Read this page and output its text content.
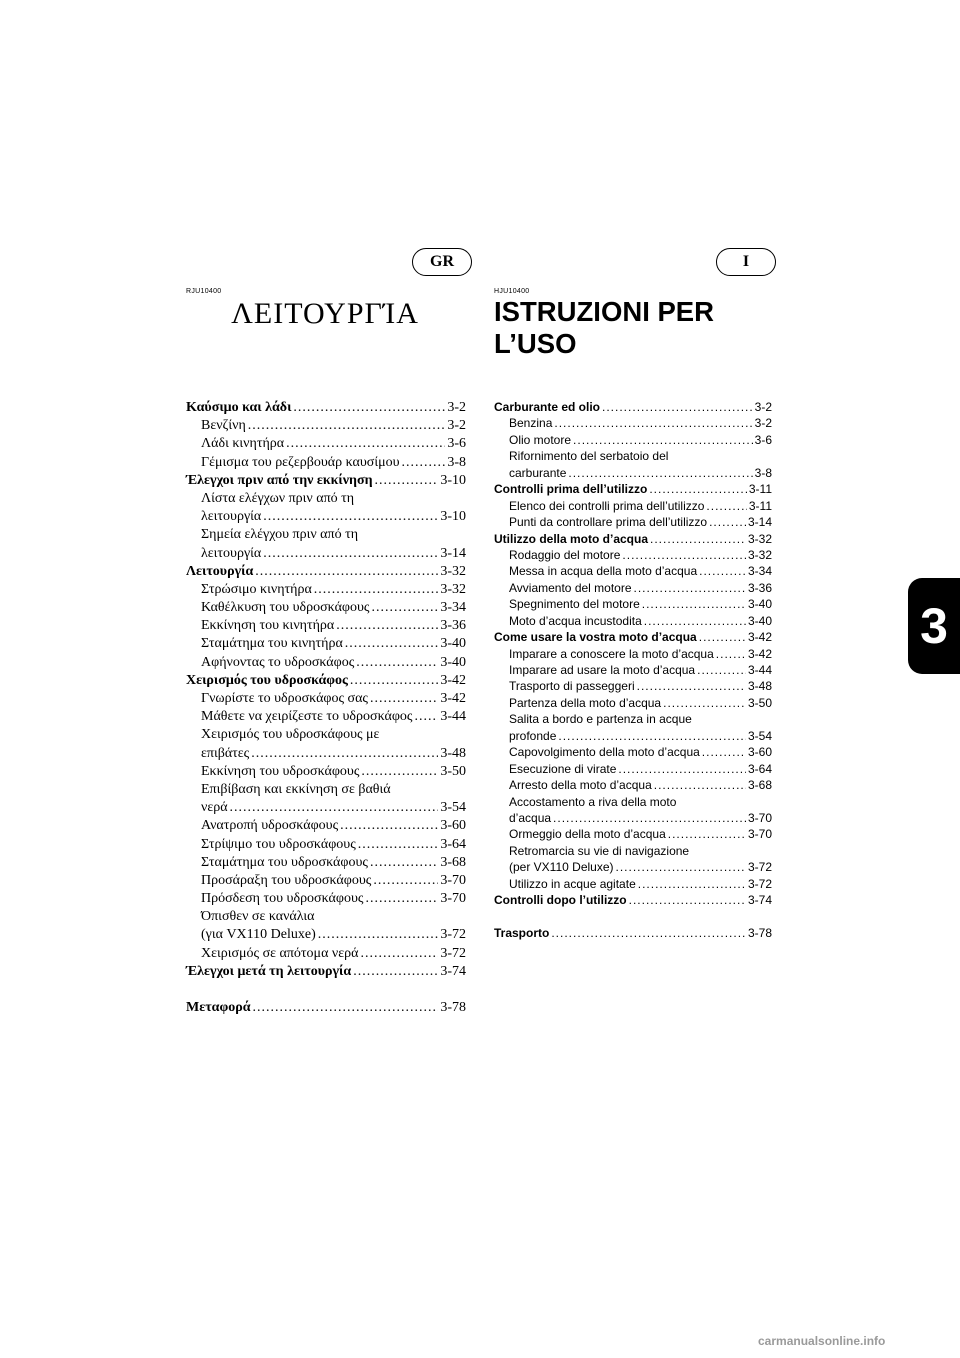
GR	I
RJU10400	HJU10400
ΛΕΙΤΟΥΡΓΊΑ	ISTRUZIONI PER L’USO
Καύσιμο και λάδι .....	3-2
Βενζίνη .....	3-2
Λάδι κινητήρα .....	3-6
Γέμισμα του ρεζερβουάρ καυσίμου .....	3-8
Έλεγχοι πριν από την εκκίνηση .....	3-10
Λίστα ελέγχων πριν από τη
λειτουργία .....	3-10
Σημεία ελέγχου πριν από τη
λειτουργία .....	3-14
Λειτουργία .....	3-32
Στρώσιμο κινητήρα .....	3-32
Καθέλκυση του υδροσκάφους .....	3-34
Εκκίνηση του κινητήρα .....	3-36
Σταμάτημα του κινητήρα .....	3-40
Αφήνοντας το υδροσκάφος .....	3-40
Χειρισμός του υδροσκάφος .....	3-42
Γνωρίστε το υδροσκάφος σας .....	3-42
Μάθετε να χειρίζεστε το υδροσκάφος ..... 3-44
Χειρισμός του υδροσκάφους με
επιβάτες .....	3-48
Εκκίνηση του υδροσκάφους .....	3-50
Επιβίβαση και εκκίνηση σε βαθιά
νερά .....	3-54
Ανατροπή υδροσκάφους .....	3-60
Στρίψιμο του υδροσκάφους .....	3-64
Σταμάτημα του υδροσκάφους .....	3-68
Προσάραξη του υδροσκάφους .....	3-70
Πρόσδεση του υδροσκάφους .....	3-70
Όπισθεν σε κανάλια
(για VX110 Deluxe) .....	3-72
Χειρισμός σε απότομα νερά .....	3-72
Έλεγχοι μετά τη λειτουργία .....	3-74
Μεταφορά .....	3-78
Carburante ed olio .....	3-2
Benzina .....	3-2
Olio motore .....	3-6
Rifornimento del serbatoio del
carburante .....	3-8
Controlli prima dell’utilizzo .....	3-11
Elenco dei controlli prima dell’utilizzo .....	3-11
Punti da controllare prima dell’utilizzo .....	3-14
Utilizzo della moto d’acqua .....	3-32
Rodaggio del motore .....	3-32
Messa in acqua della moto d’acqua .....	3-34
Avviamento del motore .....	3-36
Spegnimento del motore .....	3-40
Moto d’acqua incustodita .....	3-40
Come usare la vostra moto d’acqua .....	3-42
Imparare a conoscere la moto d’acqua .....	3-42
Imparare ad usare la moto d’acqua .....	3-44
Trasporto di passeggeri .....	3-48
Partenza della moto d’acqua .....	3-50
Salita a bordo e partenza in acque
profonde .....	3-54
Capovolgimento della moto d’acqua .....	3-60
Esecuzione di virate .....	3-64
Arresto della moto d’acqua .....	3-68
Accostamento a riva della moto
d’acqua .....	3-70
Ormeggio della moto d’acqua .....	3-70
Retromarcia su vie di navigazione
(per VX110 Deluxe) .....	3-72
Utilizzo in acque agitate .....	3-72
Controlli dopo l’utilizzo .....	3-74
Trasporto .....	3-78
3
carmanualsonline.info
